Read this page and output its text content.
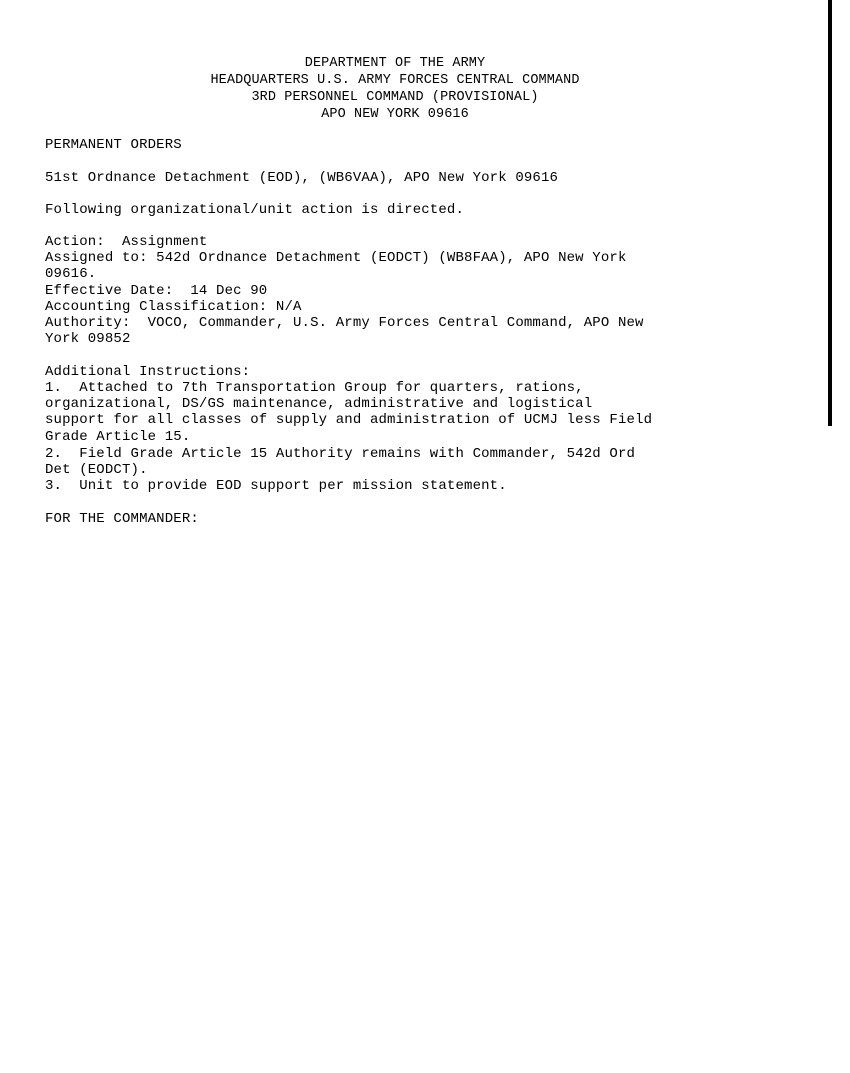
DEPARTMENT OF THE ARMY
HEADQUARTERS U.S. ARMY FORCES CENTRAL COMMAND
3RD PERSONNEL COMMAND (PROVISIONAL)
APO NEW YORK 09616
PERMANENT ORDERS
51st Ordnance Detachment (EOD), (WB6VAA), APO New York 09616
Following organizational/unit action is directed.
Action:  Assignment
Assigned to: 542d Ordnance Detachment (EODCT) (WB8FAA), APO New York
09616.
Effective Date:  14 Dec 90
Accounting Classification: N/A
Authority:  VOCO, Commander, U.S. Army Forces Central Command, APO New
York 09852
Additional Instructions:
1.  Attached to 7th Transportation Group for quarters, rations,
organizational, DS/GS maintenance, administrative and logistical
support for all classes of supply and administration of UCMJ less Field
Grade Article 15.
2.  Field Grade Article 15 Authority remains with Commander, 542d Ord
Det (EODCT).
3.  Unit to provide EOD support per mission statement.
FOR THE COMMANDER:
